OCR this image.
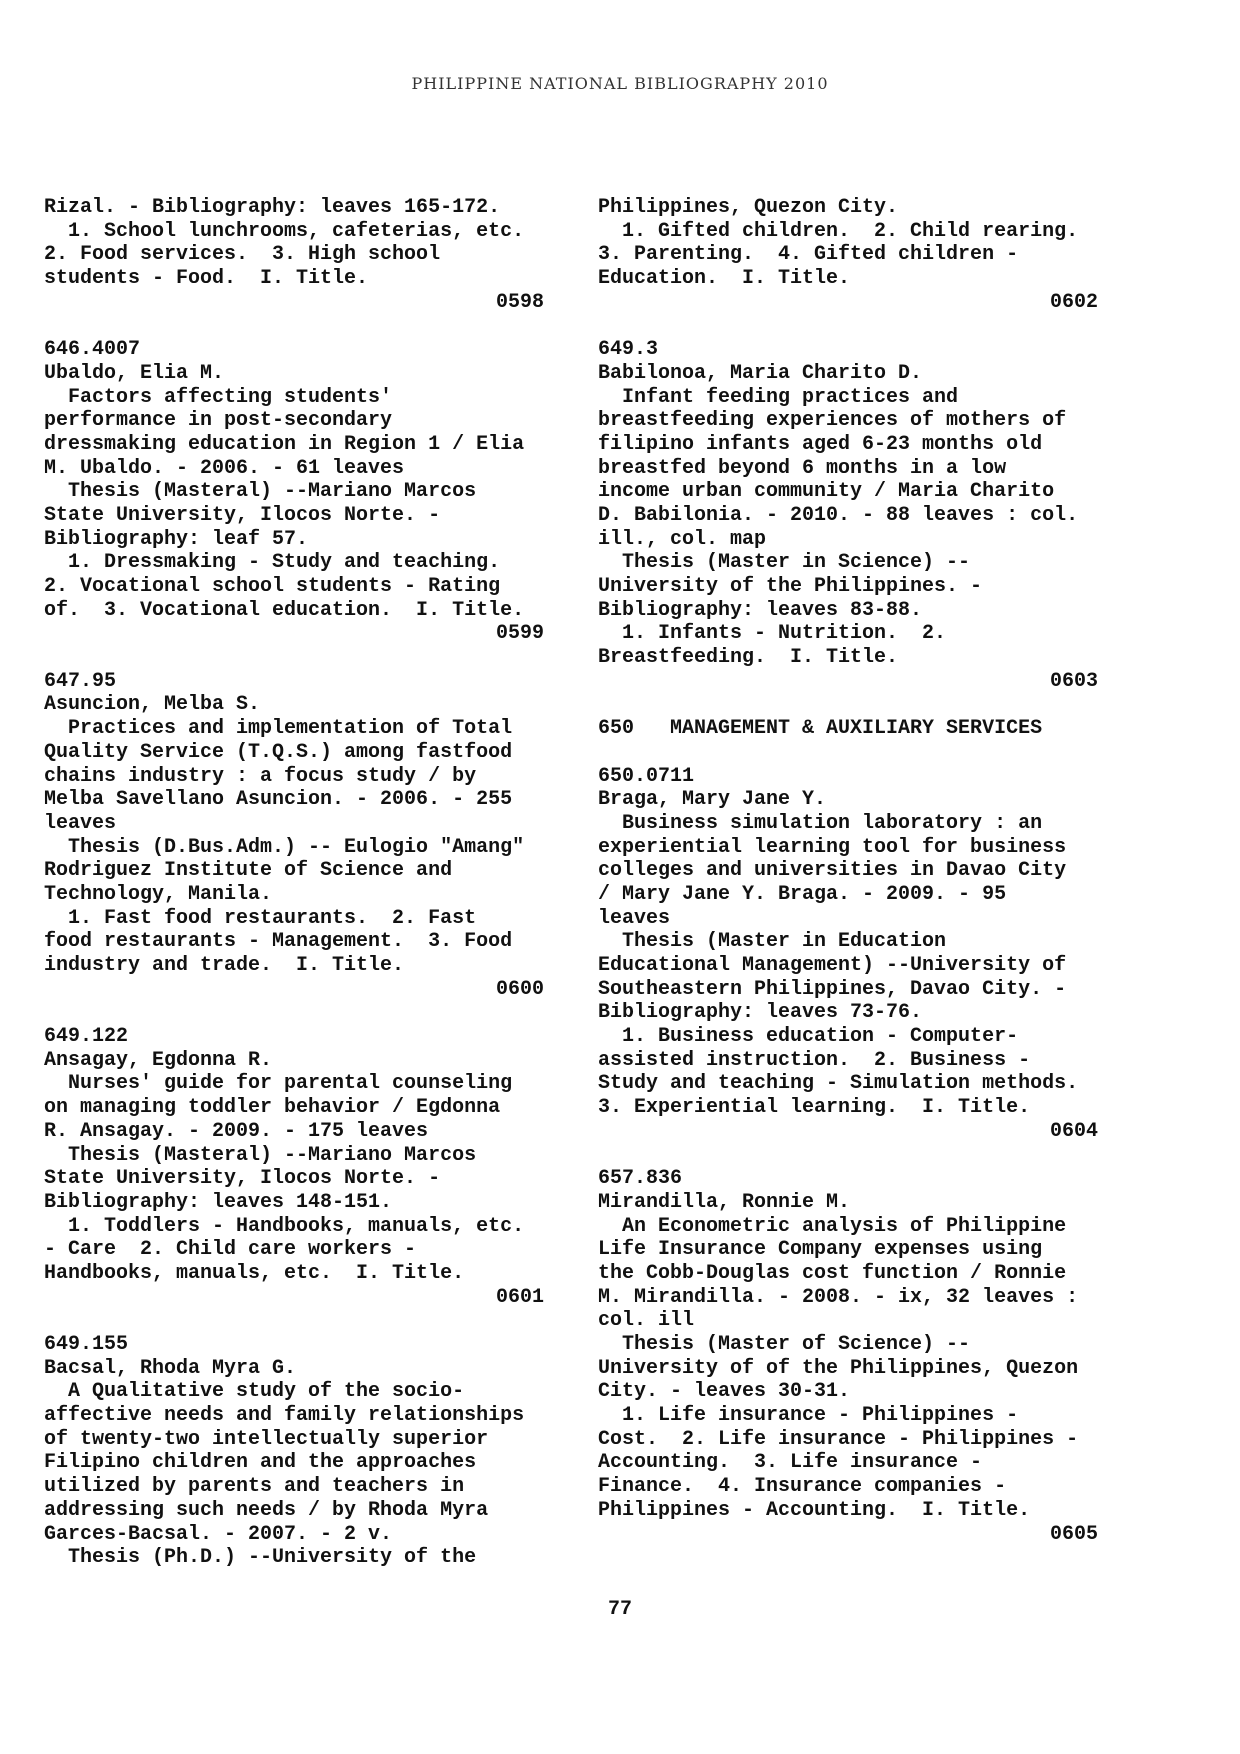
PHILIPPINE NATIONAL BIBLIOGRAPHY 2010
Rizal. - Bibliography: leaves 165-172.
1. School lunchrooms, cafeterias, etc.
2. Food services.  3. High school
students - Food.  I. Title.
0598
646.4007
Ubaldo, Elia M.
Factors affecting students'
performance in post-secondary
dressmaking education in Region 1 / Elia
M. Ubaldo. - 2006. - 61 leaves
Thesis (Masteral) --Mariano Marcos
State University, Ilocos Norte. -
Bibliography: leaf 57.
1. Dressmaking - Study and teaching.
2. Vocational school students - Rating
of.  3. Vocational education.  I. Title.
0599
647.95
Asuncion, Melba S.
Practices and implementation of Total
Quality Service (T.Q.S.) among fastfood
chains industry : a focus study / by
Melba Savellano Asuncion. - 2006. - 255
leaves
Thesis (D.Bus.Adm.) -- Eulogio "Amang"
Rodriguez Institute of Science and
Technology, Manila.
1. Fast food restaurants.  2. Fast
food restaurants - Management.  3. Food
industry and trade.  I. Title.
0600
649.122
Ansagay, Egdonna R.
Nurses' guide for parental counseling
on managing toddler behavior / Egdonna
R. Ansagay. - 2009. - 175 leaves
Thesis (Masteral) --Mariano Marcos
State University, Ilocos Norte. -
Bibliography: leaves 148-151.
1. Toddlers - Handbooks, manuals, etc.
- Care  2. Child care workers -
Handbooks, manuals, etc.  I. Title.
0601
649.155
Bacsal, Rhoda Myra G.
A Qualitative study of the socio-
affective needs and family relationships
of twenty-two intellectually superior
Filipino children and the approaches
utilized by parents and teachers in
addressing such needs / by Rhoda Myra
Garces-Bacsal. - 2007. - 2 v.
Thesis (Ph.D.) --University of the
Philippines, Quezon City.
1. Gifted children.  2. Child rearing.
3. Parenting.  4. Gifted children -
Education.  I. Title.
0602
649.3
Babilonoa, Maria Charito D.
Infant feeding practices and
breastfeeding experiences of mothers of
filipino infants aged 6-23 months old
breastfed beyond 6 months in a low
income urban community / Maria Charito
D. Babilonia. - 2010. - 88 leaves : col.
ill., col. map
Thesis (Master in Science) --
University of the Philippines. -
Bibliography: leaves 83-88.
1. Infants - Nutrition.  2.
Breastfeeding.  I. Title.
0603
650   MANAGEMENT & AUXILIARY SERVICES
650.0711
Braga, Mary Jane Y.
Business simulation laboratory : an
experiential learning tool for business
colleges and universities in Davao City
/ Mary Jane Y. Braga. - 2009. - 95
leaves
Thesis (Master in Education
Educational Management) --University of
Southeastern Philippines, Davao City. -
Bibliography: leaves 73-76.
1. Business education - Computer-
assisted instruction.  2. Business -
Study and teaching - Simulation methods.
3. Experiential learning.  I. Title.
0604
657.836
Mirandilla, Ronnie M.
An Econometric analysis of Philippine
Life Insurance Company expenses using
the Cobb-Douglas cost function / Ronnie
M. Mirandilla. - 2008. - ix, 32 leaves :
col. ill
Thesis (Master of Science) --
University of of the Philippines, Quezon
City. - leaves 30-31.
1. Life insurance - Philippines -
Cost.  2. Life insurance - Philippines -
Accounting.  3. Life insurance -
Finance.  4. Insurance companies -
Philippines - Accounting.  I. Title.
0605
77
